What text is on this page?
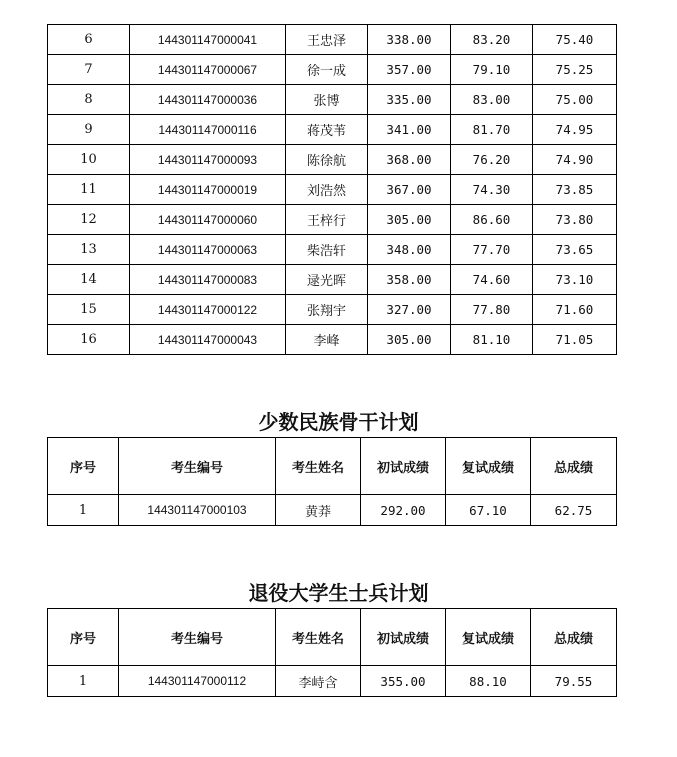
6	144301147000041	王忠泽	338.00	83.20	75.40
7	144301147000067	徐一成	357.00	79.10	75.25
8	144301147000036	张博	335.00	83.00	75.00
9	144301147000116	蒋茂苇	341.00	81.70	74.95
10	144301147000093	陈徐航	368.00	76.20	74.90
11	144301147000019	刘浩然	367.00	74.30	73.85
12	144301147000060	王梓行	305.00	86.60	73.80
13	144301147000063	柴浩轩	348.00	77.70	73.65
14	144301147000083	逯光晖	358.00	74.60	73.10
15	144301147000122	张翔宇	327.00	77.80	71.60
16	144301147000043	李峰	305.00	81.10	71.05
少数民族骨干计划
序号	考生编号	考生姓名	初试成绩	复试成绩	总成绩
1	144301147000103	黄莽	292.00	67.10	62.75
退役大学生士兵计划
序号	考生编号	考生姓名	初试成绩	复试成绩	总成绩
1	144301147000112	李峙含	355.00	88.10	79.55
